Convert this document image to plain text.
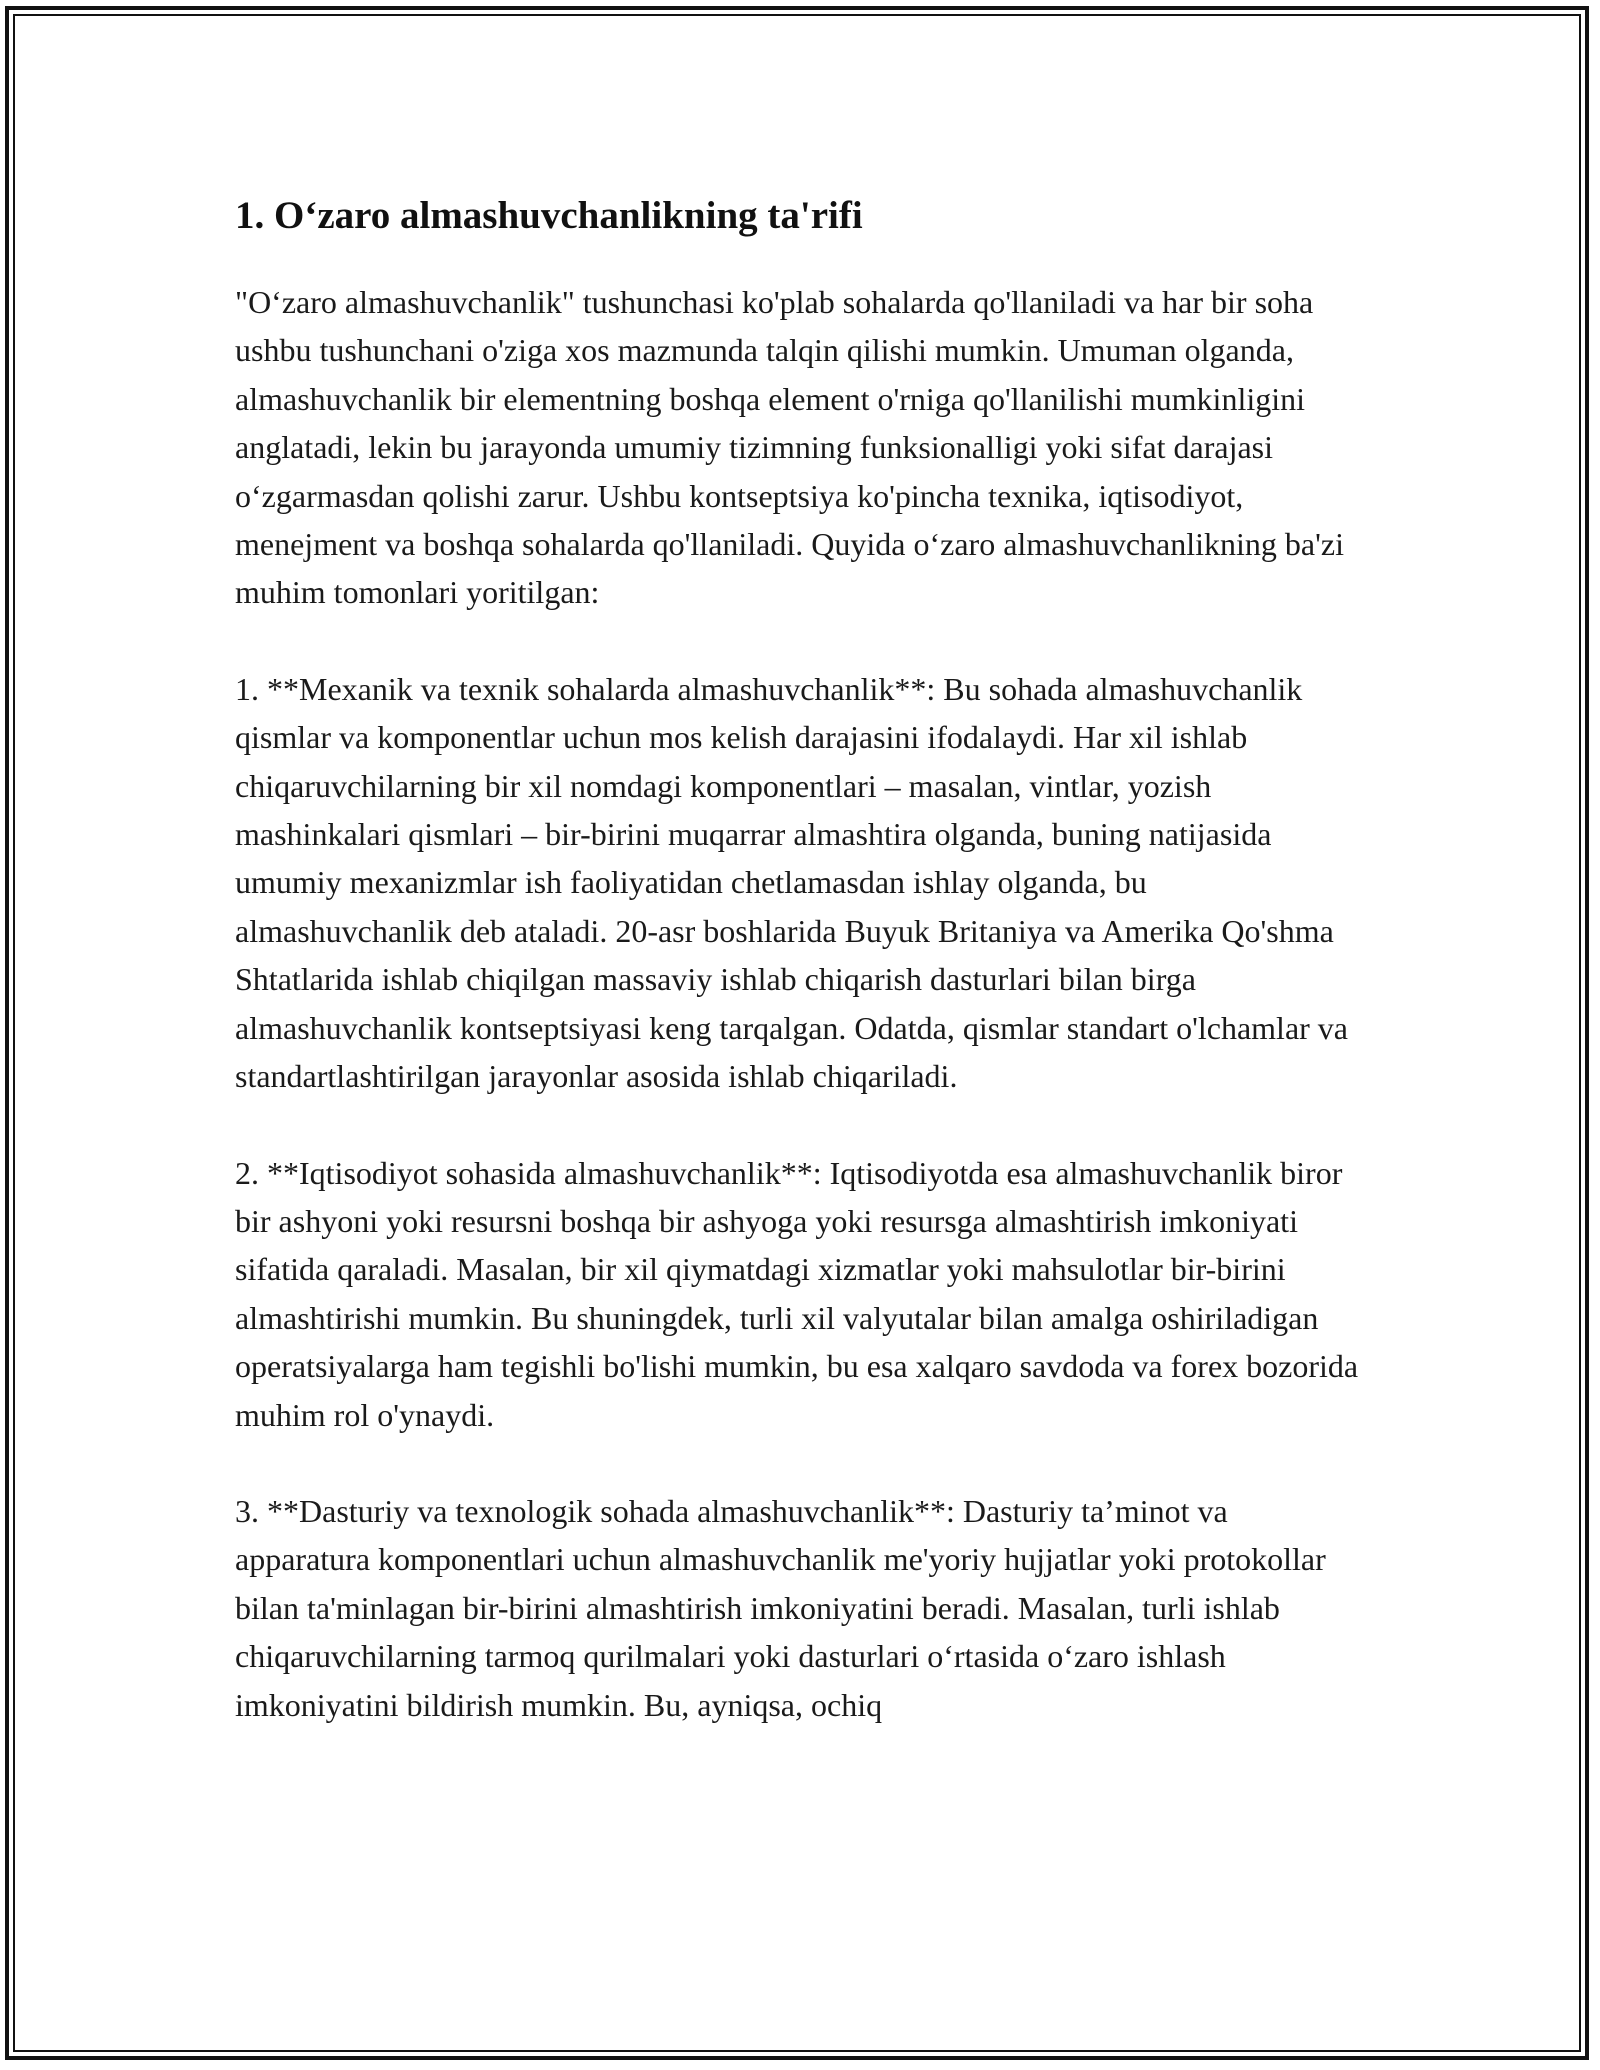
1. O‘zaro almashuvchanlikning ta'rifi

"O‘zaro almashuvchanlik" tushunchasi ko'plab sohalarda qo'llaniladi va har bir soha ushbu tushunchani o'ziga xos mazmunda talqin qilishi mumkin. Umuman olganda, almashuvchanlik bir elementning boshqa element o'rniga qo'llanilishi mumkinligini anglatadi, lekin bu jarayonda umumiy tizimning funksionalligi yoki sifat darajasi o‘zgarmasdan qolishi zarur. Ushbu kontseptsiya ko'pincha texnika, iqtisodiyot, menejment va boshqa sohalarda qo'llaniladi. Quyida o‘zaro almashuvchanlikning ba'zi muhim tomonlari yoritilgan:

1. **Mexanik va texnik sohalarda almashuvchanlik**: Bu sohada almashuvchanlik qismlar va komponentlar uchun mos kelish darajasini ifodalaydi. Har xil ishlab chiqaruvchilarning bir xil nomdagi komponentlari – masalan, vintlar, yozish mashinkalari qismlari – bir-birini muqarrar almashtira olganda, buning natijasida umumiy mexanizmlar ish faoliyatidan chetlamasdan ishlay olganda, bu almashuvchanlik deb ataladi. 20-asr boshlarida Buyuk Britaniya va Amerika Qo'shma Shtatlarida ishlab chiqilgan massaviy ishlab chiqarish dasturlari bilan birga almashuvchanlik kontseptsiyasi keng tarqalgan. Odatda, qismlar standart o'lchamlar va standartlashtirilgan jarayonlar asosida ishlab chiqariladi.

2. **Iqtisodiyot sohasida almashuvchanlik**: Iqtisodiyotda esa almashuvchanlik biror bir ashyoni yoki resursni boshqa bir ashyoga yoki resursga almashtirish imkoniyati sifatida qaraladi. Masalan, bir xil qiymatdagi xizmatlar yoki mahsulotlar bir-birini almashtirishi mumkin. Bu shuningdek, turli xil valyutalar bilan amalga oshiriladigan operatsiyalarga ham tegishli bo'lishi mumkin, bu esa xalqaro savdoda va forex bozorida muhim rol o'ynaydi.

3. **Dasturiy va texnologik sohada almashuvchanlik**: Dasturiy ta’minot va apparatura komponentlari uchun almashuvchanlik me'yoriy hujjatlar yoki protokollar bilan ta'minlagan bir-birini almashtirish imkoniyatini beradi. Masalan, turli ishlab chiqaruvchilarning tarmoq qurilmalari yoki dasturlari o‘rtasida o‘zaro ishlash imkoniyatini bildirish mumkin. Bu, ayniqsa, ochiq
